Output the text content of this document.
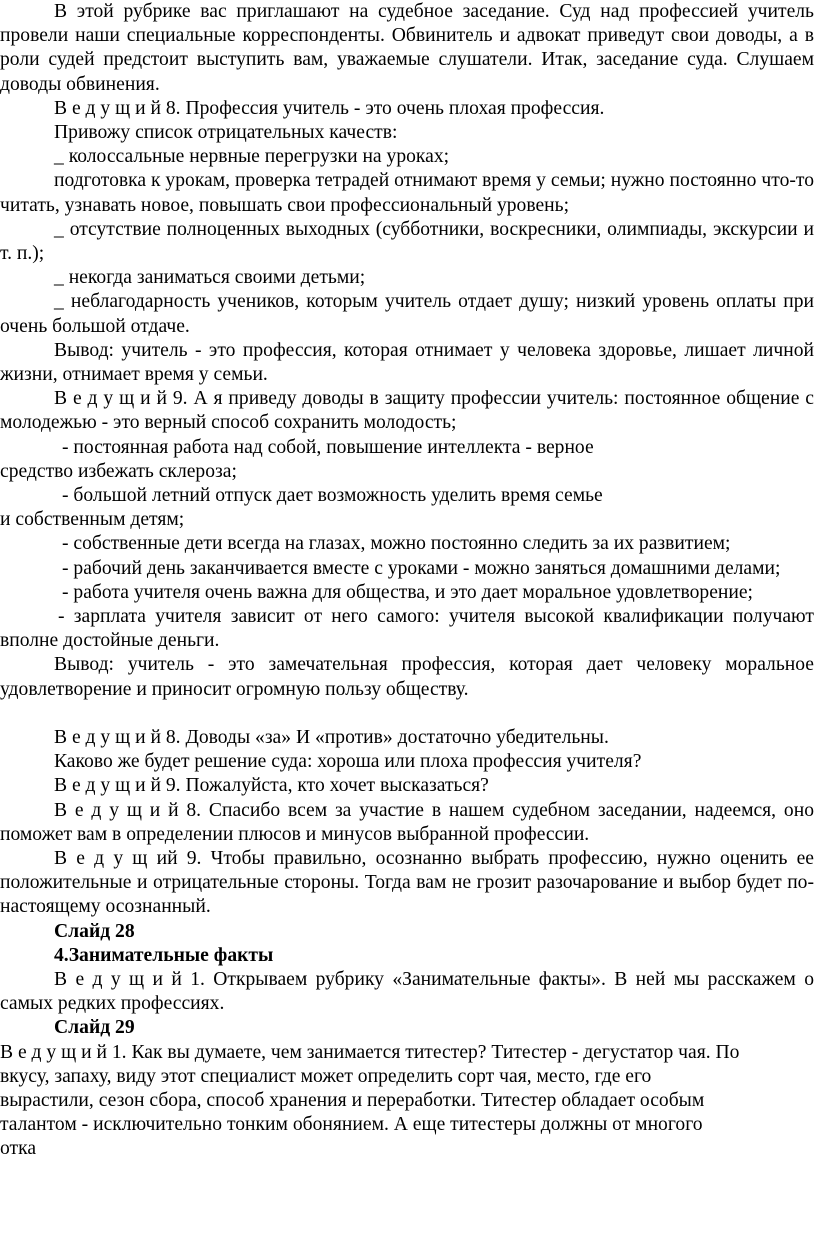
В этой рубрике вас приглашают на судебное заседание. Суд над профессией учитель провели наши специальные корреспонденты. Обвинитель и адвокат приведут свои доводы, а в роли судей предстоит выступить вам, уважаемые слушатели. Итак, заседание суда. Слушаем доводы обвинения.

В е д у щ и й 8. Профессия учитель - это очень плохая профессия.

Привожу список отрицательных качеств:

_ колоссальные нервные перегрузки на уроках;

подготовка к урокам, проверка тетрадей отнимают время у семьи; нужно постоянно что-то читать, узнавать новое, повышать свои профессиональный уровень;

_ отсутствие полноценных выходных (субботники, воскресники, олимпиады, экскурсии и т. п.);

_ некогда заниматься своими детьми;

_ неблагодарность учеников, которым учитель отдает душу; низкий уровень оплаты при очень большой отдаче.

Вывод: учитель - это профессия, которая отнимает у человека здоровье, лишает личной жизни, отнимает время у семьи.

В е д у щ и й 9. А я приведу доводы в защиту профессии учитель: постоянное общение с молодежью - это верный способ сохранить молодость;

- постоянная работа над собой, повышение интеллекта - верное

средство избежать склероза;

- большой летний отпуск дает возможность уделить время семье

и собственным детям;

- собственные дети всегда на глазах, можно постоянно следить за их развитием;

- рабочий день заканчивается вместе с уроками - можно заняться домашними делами;

- работа учителя очень важна для общества, и это дает моральное удовлетворение;

- зарплата учителя зависит от него самого: учителя высокой квалификации получают вполне достойные деньги.

Вывод: учитель - это замечательная профессия, которая дает человеку моральное удовлетворение и приносит огромную пользу обществу.

В е д у щ и й 8. Доводы «за» И «против» достаточно убедительны.

Каково же будет решение суда: хороша или плоха профессия учителя?

В е д у щ и й 9. Пожалуйста, кто хочет высказаться?

В е д у щ и й 8. Спасибо всем за участие в нашем судебном заседании, надеемся, оно поможет вам в определении плюсов и минусов выбранной профессии.

В е д у щ ий 9. Чтобы правильно, осознанно выбрать профессию, нужно оценить ее положительные и отрицательные стороны. Тогда вам не грозит разочарование и выбор будет по-настоящему осознанный.

Слайд 28

4.Занимательные факты

В е д у щ и й 1. Открываем рубрику «Занимательные факты». В ней мы расскажем о самых редких профессиях.

Слайд 29

В е д у щ и й 1. Как вы думаете, чем занимается титестер? Титестер - дегустатор чая. По
вкусу, запаху, виду этот специалист может определить сорт чая, место, где его
вырастили, сезон сбора, способ хранения и переработки. Титестер обладает особым
талантом - исключительно тонким обонянием. А еще титестеры должны от многого
отка
